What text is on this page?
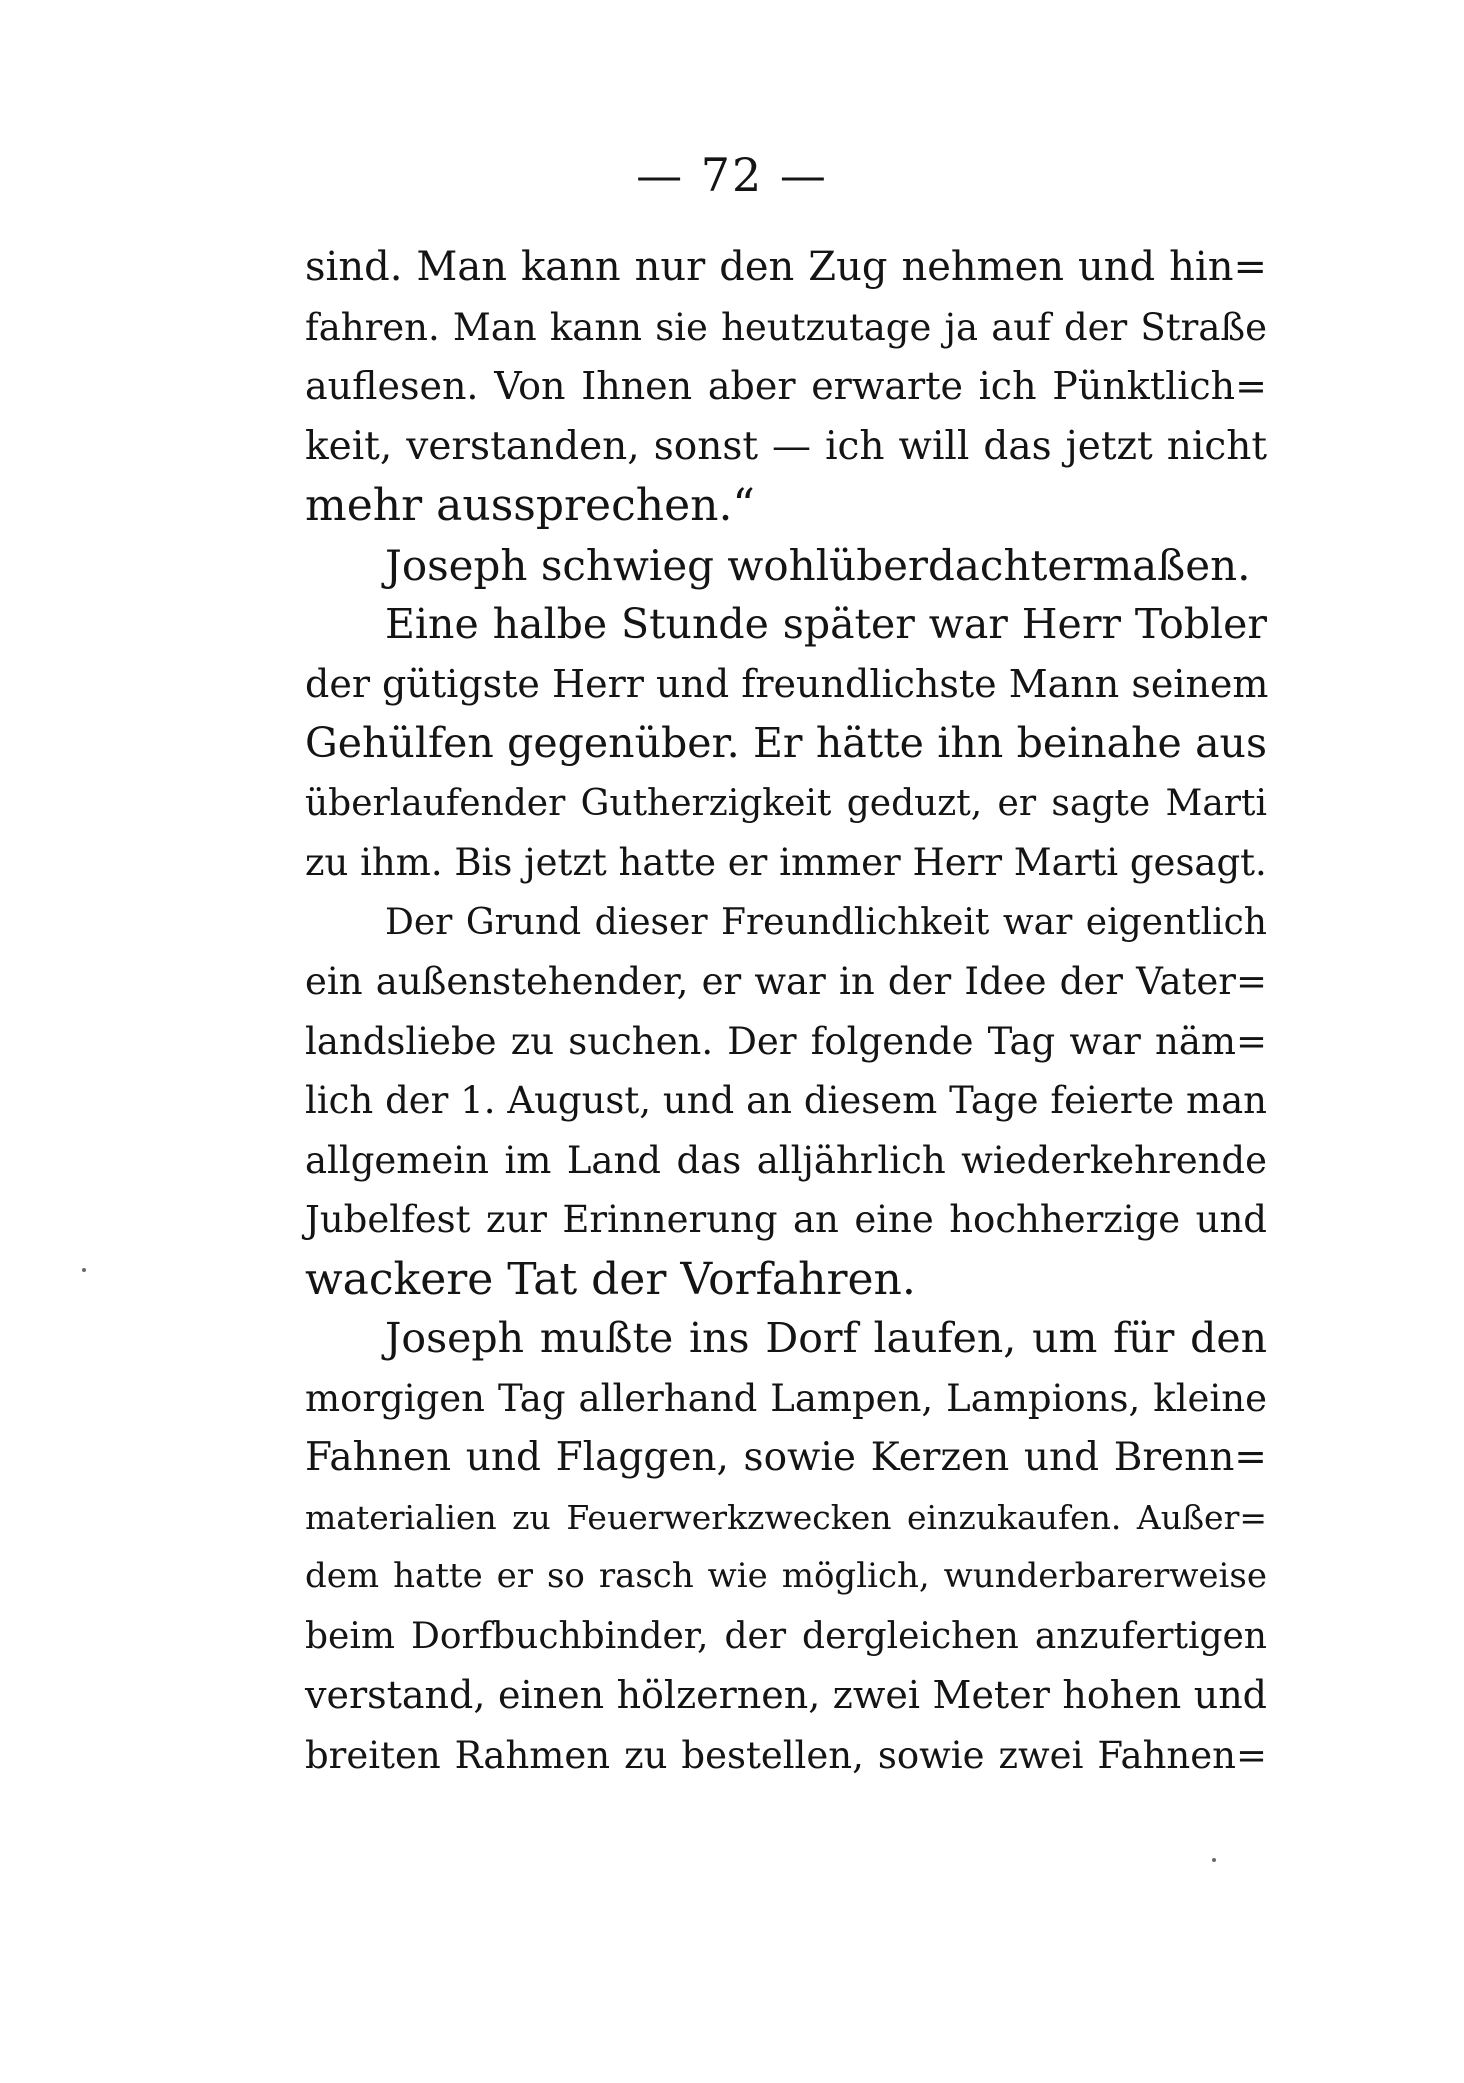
— 72 —
sind. Man kann nur den Zug nehmen und hin=
fahren. Man kann sie heutzutage ja auf der Straße
auflesen. Von Ihnen aber erwarte ich Pünktlich=
keit, verstanden, sonst — ich will das jetzt nicht
mehr aussprechen.“
Joseph schwieg wohlüberdachtermaßen.
Eine halbe Stunde später war Herr Tobler
der gütigste Herr und freundlichste Mann seinem
Gehülfen gegenüber. Er hätte ihn beinahe aus
überlaufender Gutherzigkeit geduzt, er sagte Marti
zu ihm. Bis jetzt hatte er immer Herr Marti gesagt.
Der Grund dieser Freundlichkeit war eigentlich
ein außenstehender, er war in der Idee der Vater=
landsliebe zu suchen. Der folgende Tag war näm=
lich der 1. August, und an diesem Tage feierte man
allgemein im Land das alljährlich wiederkehrende
Jubelfest zur Erinnerung an eine hochherzige und
wackere Tat der Vorfahren.
Joseph mußte ins Dorf laufen, um für den
morgigen Tag allerhand Lampen, Lampions, kleine
Fahnen und Flaggen, sowie Kerzen und Brenn=
materialien zu Feuerwerkzwecken einzukaufen. Außer=
dem hatte er so rasch wie möglich, wunderbarerweise
beim Dorfbuchbinder, der dergleichen anzufertigen
verstand, einen hölzernen, zwei Meter hohen und
breiten Rahmen zu bestellen, sowie zwei Fahnen=
